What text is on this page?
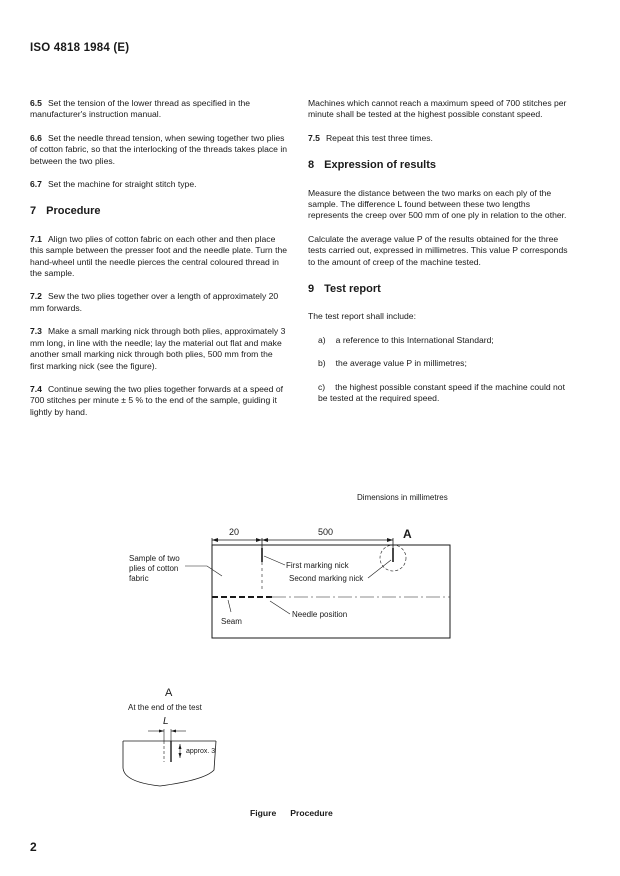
ISO 4818 1984 (E)

6.5 Set the tension of the lower thread as specified in the manufacturer's instruction manual.

6.6 Set the needle thread tension, when sewing together two plies of cotton fabric, so that the interlocking of the threads takes place in between the two plies.

6.7 Set the machine for straight stitch type.

7 Procedure

7.1 Align two plies of cotton fabric on each other and then place this sample between the presser foot and the needle plate. Turn the hand-wheel until the needle pierces the central coloured thread in the sample.

7.2 Sew the two plies together over a length of approximately 20 mm forwards.

7.3 Make a small marking nick through both plies, approximately 3 mm long, in line with the needle; lay the material out flat and make another small marking nick through both plies, 500 mm from the first marking nick (see the figure).

7.4 Continue sewing the two plies together forwards at a speed of 700 stitches per minute ± 5 % to the end of the sample, guiding it lightly by hand.

Machines which cannot reach a maximum speed of 700 stitches per minute shall be tested at the highest possible constant speed.

7.5 Repeat this test three times.

8 Expression of results

Measure the distance between the two marks on each ply of the sample. The difference L found between these two lengths represents the creep over 500 mm of one ply in relation to the other.

Calculate the average value P of the results obtained for the three tests carried out, expressed in millimetres. This value P corresponds to the amount of creep of the machine tested.

9 Test report

The test report shall include:

a) a reference to this International Standard;
b) the average value P in millimetres;
c) the highest possible constant speed if the machine could not be tested at the required speed.
Dimensions in millimetres
20	500	A
Sample of two
plies of cotton
fabric
First marking nick
Second marking nick
Needle position
Seam
A
At the end of the test
L
approx. 3
Figure Procedure
2
